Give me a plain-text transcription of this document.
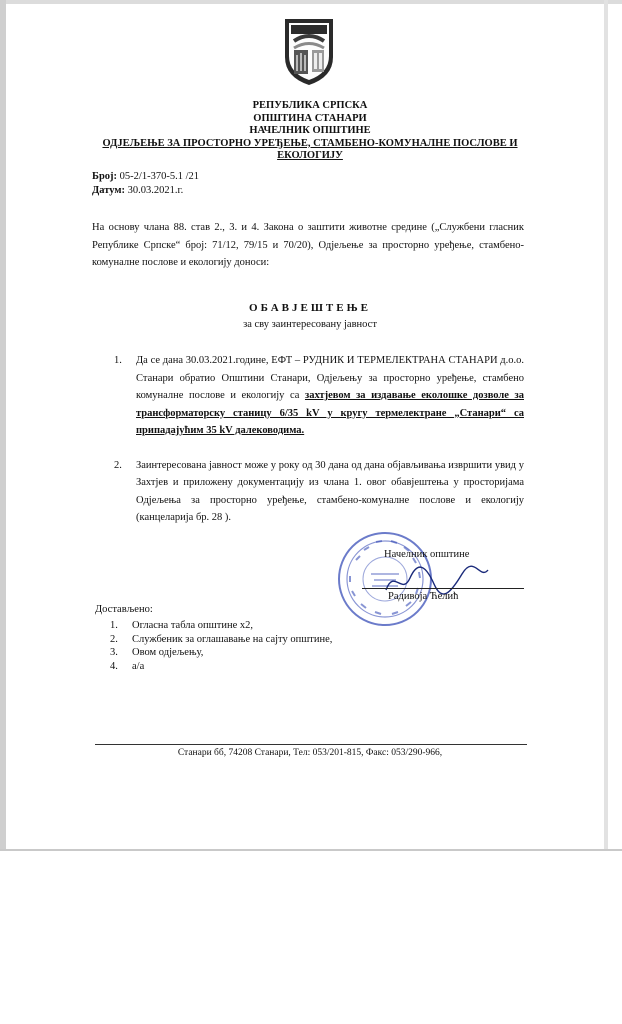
РЕПУБЛИКА СРПСКА
ОПШТИНА СТАНАРИ
НАЧЕЛНИК ОПШТИНЕ
ОДЈЕЉЕЊЕ ЗА ПРОСТОРНО УРЕЂЕЊЕ, СТАМБЕНО-КОМУНАЛНЕ ПОСЛОВЕ И
ЕКОЛОГИЈУ
Број: 05-2/1-370-5.1 /21
Датум: 30.03.2021.г.
На основу члана 88. став 2., 3. и 4. Закона о заштити животне средине („Службени гласник Републике Српске“ број: 71/12, 79/15 и 70/20), Одјељење за просторно уређење, стамбено-комуналне послове и екологију доноси:
ОБАВЈЕШТЕЊЕ
за сву заинтересовану јавност
1.	Да се дана 30.03.2021.године, ЕФТ – РУДНИК И ТЕРМЕЛЕКТРАНА СТАНАРИ д.о.о. Станари обратио Општини Станари, Одјељењу за просторно уређење, стамбено комуналне послове и екологију са захтјевом за издавање еколошке дозволе за трансформаторску станицу 6/35 kV у кругу термелектране „Станари“ са припадајућим 35 kV далеководима.
2.	Заинтересована јавност може у року од 30 дана од дана објављивања извршити увид у Захтјев и приложену документацију из члана 1. овог обавјештења у просторијама Одјељења за просторно уређење, стамбено-комуналне послове и екологију (канцеларија бр. 28 ).
Начелник општине
Радивоја Ћелић
Достављено:
1. Огласна табла општине х2,
2. Службеник за оглашавање на сајту општине,
3. Овом одјељењу,
4. а/а
Станари бб, 74208 Станари, Тел: 053/201-815, Факс: 053/290-966,
